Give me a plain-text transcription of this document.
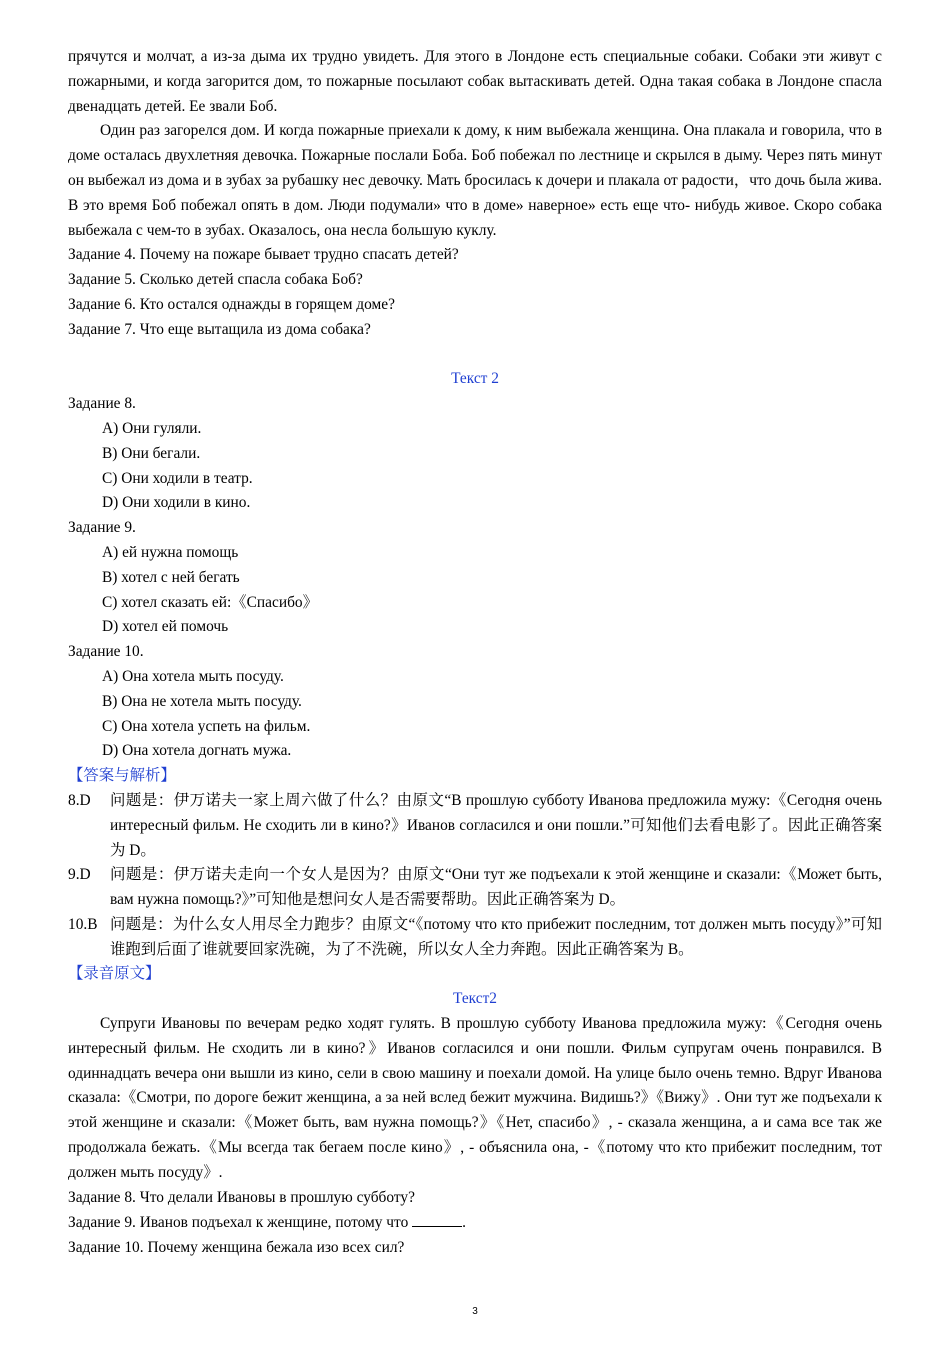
прячутся и молчат, а из-за дыма их трудно увидеть. Для этого в Лондоне есть специальные собаки. Собаки эти живут с пожарными, и когда загорится дом, то пожарные посылают собак вытаскивать детей. Одна такая собака в Лондоне спасла двенадцать детей. Ее звали Боб.

Один раз загорелся дом. И когда пожарные приехали к дому, к ним выбежала женщина. Она плакала и говорила, что в доме осталась двухлетняя девочка. Пожарные послали Боба. Боб побежал по лестнице и скрылся в дыму. Через пять минут он выбежал из дома и в зубах за рубашку нес девочку. Мать бросилась к дочери и плакала от радости，что дочь была жива. В это время Боб побежал опять в дом. Люди подумали» что в доме» наверное» есть еще что- нибудь живое. Скоро собака выбежала с чем-то в зубах. Оказалось, она несла большую куклу.

Задание 4. Почему на пожаре бывает трудно спасать детей?

Задание 5. Сколько детей спасла собака Боб?

Задание 6. Кто остался однажды в горящем доме?

Задание 7. Что еще вытащила из дома собака?

Текст 2

Задание 8.

A) Они гуляли.

B) Они бегали.

C) Они ходили в театр.

D) Они ходили в кино.

Задание 9.

A) ей нужна помощь

B) хотел с ней бегать

C) хотел сказать ей:《Спасибо》

D) хотел ей помочь

Задание 10.

A) Она хотела мыть посуду.

B) Она не хотела мыть посуду.

C) Она хотела успеть на фильм.

D) Она хотела догнать мужа.

【答案与解析】

8.D	问题是：伊万诺夫一家上周六做了什么？由原文“В прошлую субботу Иванова предложила мужу:《Сегодня очень интересный фильм. Не сходить ли в кино?》Иванов согласился и они пошли.”可知他们去看电影了。因此正确答案为 D。
9.D	问题是：伊万诺夫走向一个女人是因为？由原文“Они тут же подъехали к этой женщине и сказали:《Может быть, вам нужна помощь?》”可知他是想问女人是否需要帮助。因此正确答案为 D。
10.B 问题是：为什么女人用尽全力跑步？由原文“《потому что кто прибежит последним, тот должен мыть посуду》”可知谁跑到后面了谁就要回家洗碗，为了不洗碗，所以女人全力奔跑。因此正确答案为 B。

【录音原文】

Текст2

Супруги Ивановы по вечерам редко ходят гулять. В прошлую субботу Иванова предложила мужу:《Сегодня очень интересный фильм. Не сходить ли в кино?》Иванов согласился и они пошли. Фильм супругам очень понравился. В одиннадцать вечера они вышли из кино, сели в свою машину и поехали домой. На улице было очень темно. Вдруг Иванова сказала:《Смотри, по дороге бежит женщина, а за ней вслед бежит мужчина. Видишь?》《Вижу》. Они тут же подъехали к этой женщине и сказали:《Может быть, вам нужна помощь?》《Нет, спасибо》, - сказала женщина, а и сама все так же продолжала бежать.《Мы всегда так бегаем после кино》, - объяснила она, -《потому что кто прибежит последним, тот должен мыть посуду》.

Задание 8. Что делали Ивановы в прошлую субботу?

Задание 9. Иванов подъехал к женщине, потому что	.

Задание 10. Почему женщина бежала изо всех сил?

3
